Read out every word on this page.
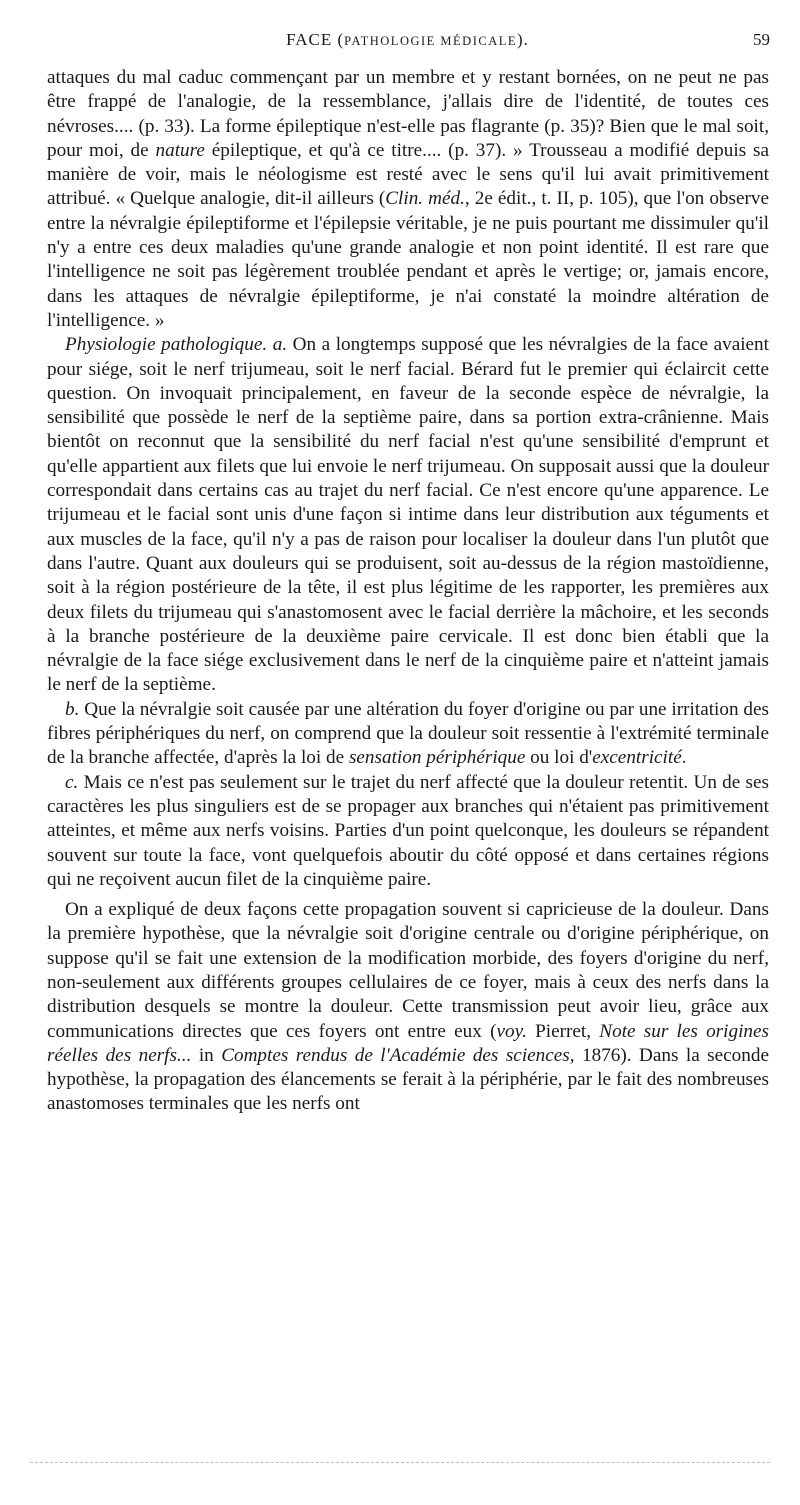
FACE (PATHOLOGIE MÉDICALE).	59

attaques du mal caduc commençant par un membre et y restant bornées, on ne peut ne pas être frappé de l'analogie, de la ressemblance, j'allais dire de l'identité, de toutes ces névroses.... (p. 33). La forme épileptique n'est-elle pas flagrante (p. 35)? Bien que le mal soit, pour moi, de nature épileptique, et qu'à ce titre.... (p. 37). » Trousseau a modifié depuis sa manière de voir, mais le néologisme est resté avec le sens qu'il lui avait primitivement attribué. « Quelque analogie, dit-il ailleurs (Clin. méd., 2e édit., t. II, p. 105), que l'on observe entre la névralgie épileptiforme et l'épilepsie véritable, je ne puis pourtant me dissimuler qu'il n'y a entre ces deux maladies qu'une grande analogie et non point identité. Il est rare que l'intelligence ne soit pas légèrement troublée pendant et après le vertige; or, jamais encore, dans les attaques de névralgie épileptiforme, je n'ai constaté la moindre altération de l'intelligence. »

Physiologie pathologique. a. On a longtemps supposé que les névralgies de la face avaient pour siége, soit le nerf trijumeau, soit le nerf facial. Bérard fut le premier qui éclaircit cette question. On invoquait principalement, en faveur de la seconde espèce de névralgie, la sensibilité que possède le nerf de la septième paire, dans sa portion extra-crânienne. Mais bientôt on reconnut que la sensibilité du nerf facial n'est qu'une sensibilité d'emprunt et qu'elle appartient aux filets que lui envoie le nerf trijumeau. On supposait aussi que la douleur correspondait dans certains cas au trajet du nerf facial. Ce n'est encore qu'une apparence. Le trijumeau et le facial sont unis d'une façon si intime dans leur distribution aux téguments et aux muscles de la face, qu'il n'y a pas de raison pour localiser la douleur dans l'un plutôt que dans l'autre. Quant aux douleurs qui se produisent, soit au-dessus de la région mastoïdienne, soit à la région postérieure de la tête, il est plus légitime de les rapporter, les premières aux deux filets du trijumeau qui s'anastomosent avec le facial derrière la mâchoire, et les seconds à la branche postérieure de la deuxième paire cervicale. Il est donc bien établi que la névralgie de la face siége exclusivement dans le nerf de la cinquième paire et n'atteint jamais le nerf de la septième.

b. Que la névralgie soit causée par une altération du foyer d'origine ou par une irritation des fibres périphériques du nerf, on comprend que la douleur soit ressentie à l'extrémité terminale de la branche affectée, d'après la loi de sensation périphérique ou loi d'excentricité.

c. Mais ce n'est pas seulement sur le trajet du nerf affecté que la douleur retentit. Un de ses caractères les plus singuliers est de se propager aux branches qui n'étaient pas primitivement atteintes, et même aux nerfs voisins. Parties d'un point quelconque, les douleurs se répandent souvent sur toute la face, vont quelquefois aboutir du côté opposé et dans certaines régions qui ne reçoivent aucun filet de la cinquième paire.

On a expliqué de deux façons cette propagation souvent si capricieuse de la douleur. Dans la première hypothèse, que la névralgie soit d'origine centrale ou d'origine périphérique, on suppose qu'il se fait une extension de la modification morbide, des foyers d'origine du nerf, non-seulement aux différents groupes cellulaires de ce foyer, mais à ceux des nerfs dans la distribution desquels se montre la douleur. Cette transmission peut avoir lieu, grâce aux communications directes que ces foyers ont entre eux (voy. Pierret, Note sur les origines réelles des nerfs... in Comptes rendus de l'Académie des sciences, 1876). Dans la seconde hypothèse, la propagation des élancements se ferait à la périphérie, par le fait des nombreuses anastomoses terminales que les nerfs ont
